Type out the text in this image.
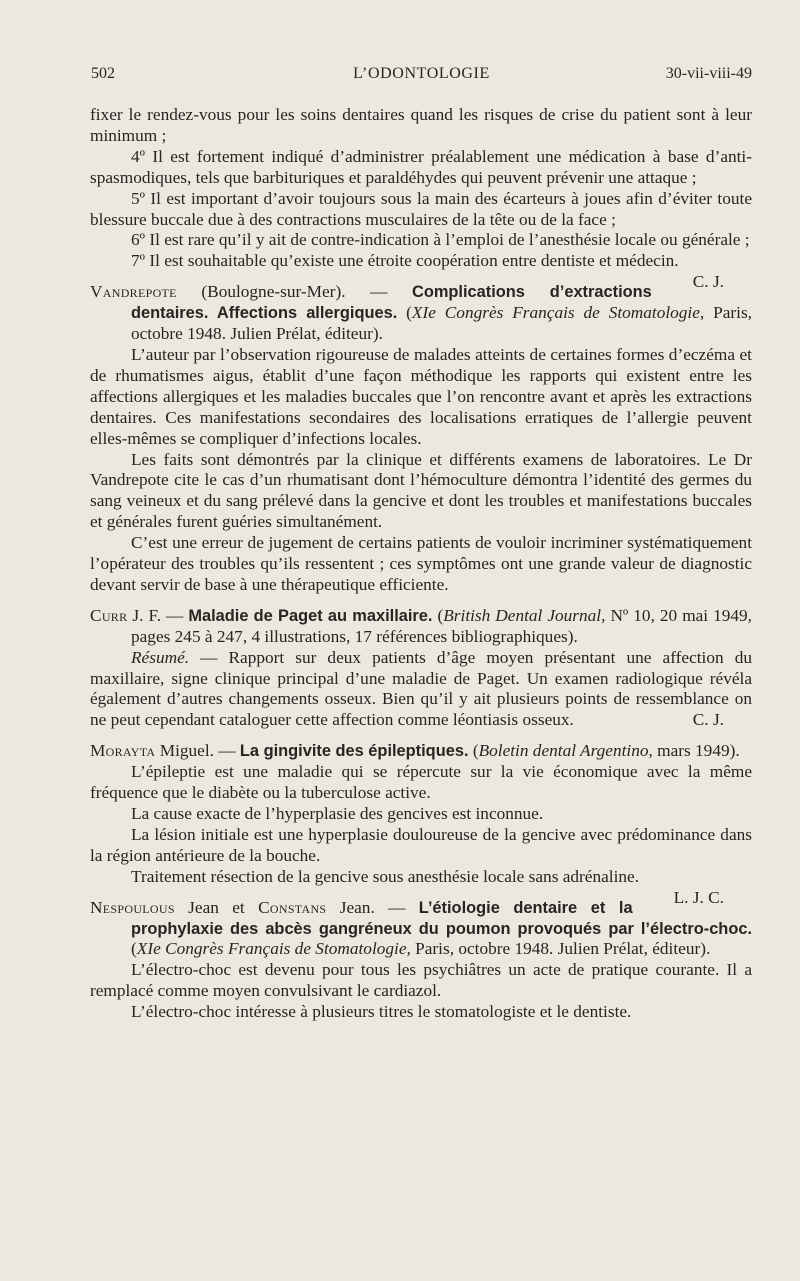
502	L’ODONTOLOGIE	30-vii-viii-49

fixer le rendez-vous pour les soins dentaires quand les risques de crise du patient sont à leur minimum ;

4º Il est fortement indiqué d’administrer préalablement une médication à base d’anti-spasmodiques, tels que barbituriques et paraldéhydes qui peuvent prévenir une attaque ;

5º Il est important d’avoir toujours sous la main des écarteurs à joues afin d’éviter toute blessure buccale due à des contractions musculaires de la tête ou de la face ;

6º Il est rare qu’il y ait de contre-indication à l’emploi de l’anesthésie locale ou générale ;

7º Il est souhaitable qu’existe une étroite coopération entre dentiste et médecin.
C. J.

Vandrepote (Boulogne-sur-Mer). — Complications d’extractions dentaires. Affections allergiques. (XIe Congrès Français de Stomatologie, Paris, octobre 1948. Julien Prélat, éditeur).

L’auteur par l’observation rigoureuse de malades atteints de certaines formes d’eczéma et de rhumatismes aigus, établit d’une façon méthodique les rapports qui existent entre les affections allergiques et les maladies buccales que l’on rencontre avant et après les extractions dentaires. Ces manifestations secondaires des localisations erratiques de l’allergie peuvent elles-mêmes se compliquer d’infections locales.

Les faits sont démontrés par la clinique et différents examens de laboratoires. Le Dr Vandrepote cite le cas d’un rhumatisant dont l’hémoculture démontra l’identité des germes du sang veineux et du sang prélevé dans la gencive et dont les troubles et manifestations buccales et générales furent guéries simultanément.

C’est une erreur de jugement de certains patients de vouloir incriminer systématiquement l’opérateur des troubles qu’ils ressentent ; ces symptômes ont une grande valeur de diagnostic devant servir de base à une thérapeutique efficiente.

Curr J. F. — Maladie de Paget au maxillaire. (British Dental Journal, Nº 10, 20 mai 1949, pages 245 à 247, 4 illustrations, 17 références bibliographiques).

Résumé. — Rapport sur deux patients d’âge moyen présentant une affection du maxillaire, signe clinique principal d’une maladie de Paget. Un examen radiologique révéla également d’autres changements osseux. Bien qu’il y ait plusieurs points de ressemblance on ne peut cependant cataloguer cette affection comme léontiasis osseux.	C. J.

Morayta Miguel. — La gingivite des épileptiques. (Boletin dental Argentino, mars 1949).

L’épileptie est une maladie qui se répercute sur la vie économique avec la même fréquence que le diabète ou la tuberculose active.

La cause exacte de l’hyperplasie des gencives est inconnue.

La lésion initiale est une hyperplasie douloureuse de la gencive avec prédominance dans la région antérieure de la bouche.

Traitement résection de la gencive sous anesthésie locale sans adrénaline.
L. J. C.

Nespoulous Jean et Constans Jean. — L’étiologie dentaire et la prophylaxie des abcès gangréneux du poumon provoqués par l’électro-choc. (XIe Congrès Français de Stomatologie, Paris, octobre 1948. Julien Prélat, éditeur).

L’électro-choc est devenu pour tous les psychiâtres un acte de pratique courante. Il a remplacé comme moyen convulsivant le cardiazol.

L’électro-choc intéresse à plusieurs titres le stomatologiste et le dentiste.
